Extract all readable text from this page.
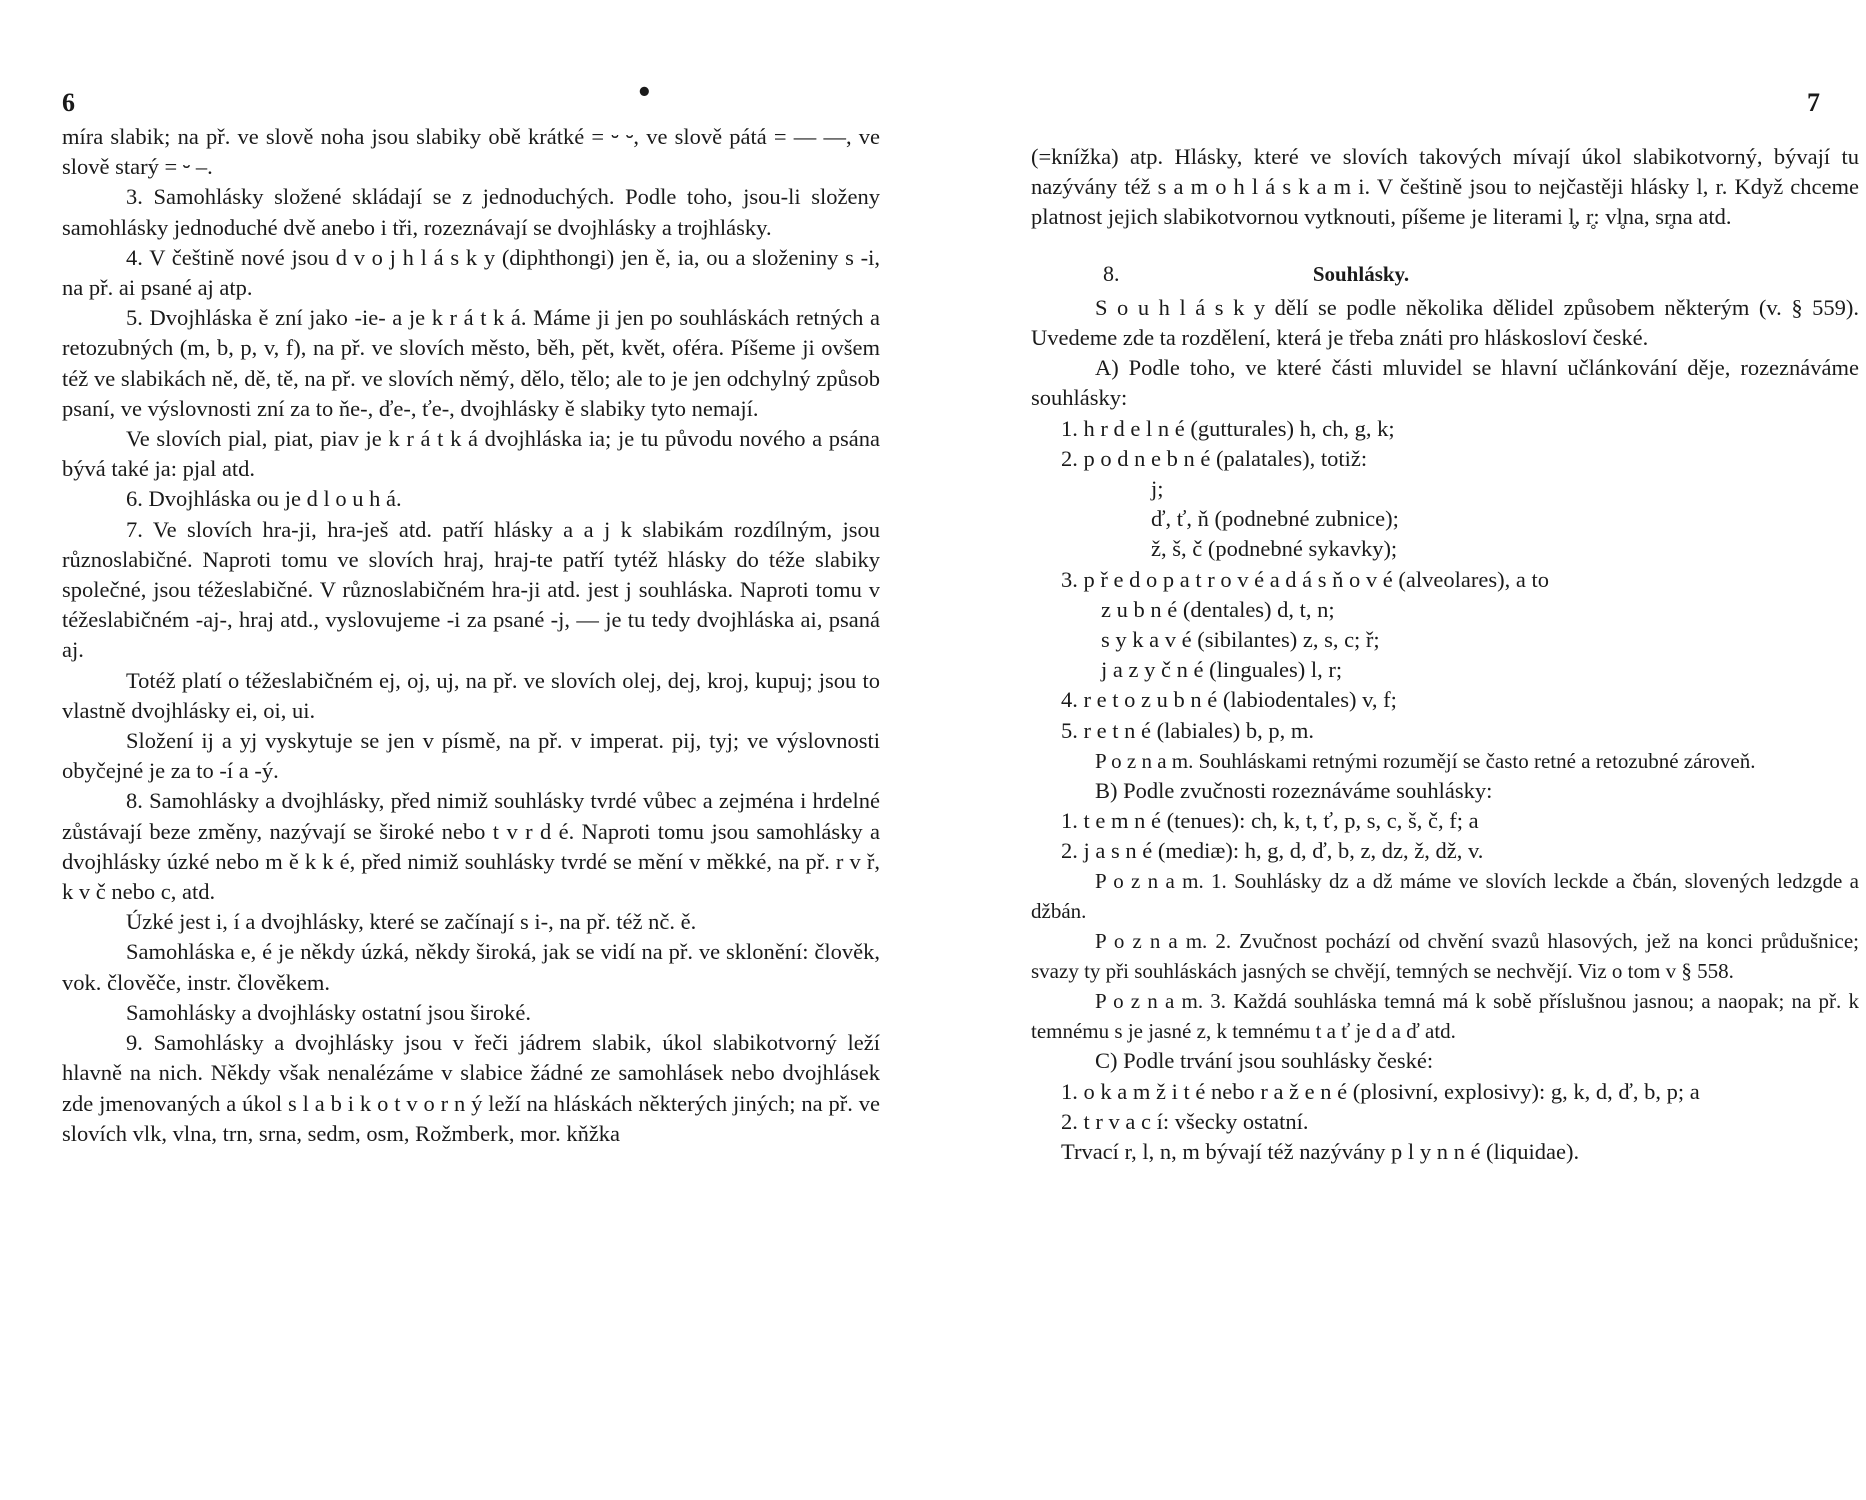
6	•

míra slabik; na př. ve slově noha jsou slabiky obě krátké = ⏑ ⏑, ve slově pátá = — —, ve slově starý = ⏑ –.

3. Samohlásky složené skládají se z jednoduchých. Podle toho, jsou-li složeny samohlásky jednoduché dvě anebo i tři, rozeznávají se dvojhlásky a trojhlásky.

4. V češtině nové jsou d v o j h l á s k y (diphthongi) jen ě, ia, ou a složeniny s -i, na př. ai psané aj atp.

5. Dvojhláska ě zní jako -ie- a je k r á t k á. Máme ji jen po souhláskách retných a retozubných (m, b, p, v, f), na př. ve slovích město, běh, pět, květ, oféra. Píšeme ji ovšem též ve slabikách ně, dě, tě, na př. ve slovích němý, dělo, tělo; ale to je jen odchylný způsob psaní, ve výslovnosti zní za to ňe-, ďe-, ťe-, dvojhlásky ě slabiky tyto nemají.

Ve slovích pial, piat, piav je k r á t k á dvojhláska ia; je tu původu nového a psána bývá také ja: pjal atd.

6. Dvojhláska ou je d l o u h á.

7. Ve slovích hra-ji, hra-ješ atd. patří hlásky a a j k slabikám rozdílným, jsou různoslabičné. Naproti tomu ve slovích hraj, hraj-te patří tytéž hlásky do téže slabiky společné, jsou téžeslabičné. V různoslabičném hra-ji atd. jest j souhláska. Naproti tomu v téžeslabičném -aj-, hraj atd., vyslovujeme -i za psané -j, — je tu tedy dvojhláska ai, psaná aj.

Totéž platí o téžeslabičném ej, oj, uj, na př. ve slovích olej, dej, kroj, kupuj; jsou to vlastně dvojhlásky ei, oi, ui.

Složení ij a yj vyskytuje se jen v písmě, na př. v imperat. pij, tyj; ve výslovnosti obyčejné je za to -í a -ý.

8. Samohlásky a dvojhlásky, před nimiž souhlásky tvrdé vůbec a zejména i hrdelné zůstávají beze změny, nazývají se široké nebo t v r d é. Naproti tomu jsou samohlásky a dvojhlásky úzké nebo m ě k k é, před nimiž souhlásky tvrdé se mění v měkké, na př. r v ř, k v č nebo c, atd.

Úzké jest i, í a dvojhlásky, které se začínají s i-, na př. též nč. ě.

Samohláska e, é je někdy úzká, někdy široká, jak se vidí na př. ve sklonění: člověk, vok. člověče, instr. člověkem.

Samohlásky a dvojhlásky ostatní jsou široké.

9. Samohlásky a dvojhlásky jsou v řeči jádrem slabik, úkol slabikotvorný leží hlavně na nich. Někdy však nenalézáme v slabice žádné ze samohlásek nebo dvojhlásek zde jmenovaných a úkol s l a b i k o t v o r n ý leží na hláskách některých jiných; na př. ve slovích vlk, vlna, trn, srna, sedm, osm, Rožmberk, mor. kňžka

7

(=knížka) atp. Hlásky, které ve slovích takových mívají úkol slabikotvorný, bývají tu nazývány též s a m o h l á s k a m i. V češtině jsou to nejčastěji hlásky l, r. Když chceme platnost jejich slabikotvornou vytknouti, píšeme je literami l̥, r̥: vl̥na, sr̥na atd.

8.	Souhlásky.

S o u h l á s k y dělí se podle několika dělidel způsobem některým (v. § 559). Uvedeme zde ta rozdělení, která je třeba znáti pro hláskosloví české.

A) Podle toho, ve které části mluvidel se hlavní učlánkování děje, rozeznáváme souhlásky:

1. h r d e l n é (gutturales) h, ch, g, k;

2. p o d n e b n é (palatales), totiž:

j;

ď, ť, ň (podnebné zubnice);

ž, š, č (podnebné sykavky);

3. p ř e d o p a t r o v é a d á s ň o v é (alveolares), a to

z u b n é (dentales) d, t, n;

s y k a v é (sibilantes) z, s, c; ř;

j a z y č n é (linguales) l, r;

4. r e t o z u b n é (labiodentales) v, f;

5. r e t n é (labiales) b, p, m.

P o z n a m. Souhláskami retnými rozumějí se často retné a retozubné zároveň.

B) Podle zvučnosti rozeznáváme souhlásky:

1. t e m n é (tenues): ch, k, t, ť, p, s, c, š, č, f; a

2. j a s n é (mediæ): h, g, d, ď, b, z, dz, ž, dž, v.

P o z n a m. 1. Souhlásky dz a dž máme ve slovích leckde a čbán, slovených ledzgde a džbán.

P o z n a m. 2. Zvučnost pochází od chvění svazů hlasových, jež na konci průdušnice; svazy ty při souhláskách jasných se chvějí, temných se nechvějí. Viz o tom v § 558.

P o z n a m. 3. Každá souhláska temná má k sobě příslušnou jasnou; a naopak; na př. k temnému s je jasné z, k temnému t a ť je d a ď atd.

C) Podle trvání jsou souhlásky české:

1. o k a m ž i t é nebo r a ž e n é (plosivní, explosivy): g, k, d, ď, b, p; a

2. t r v a c í: všecky ostatní.

Trvací r, l, n, m bývají též nazývány p l y n n é (liquidae).
